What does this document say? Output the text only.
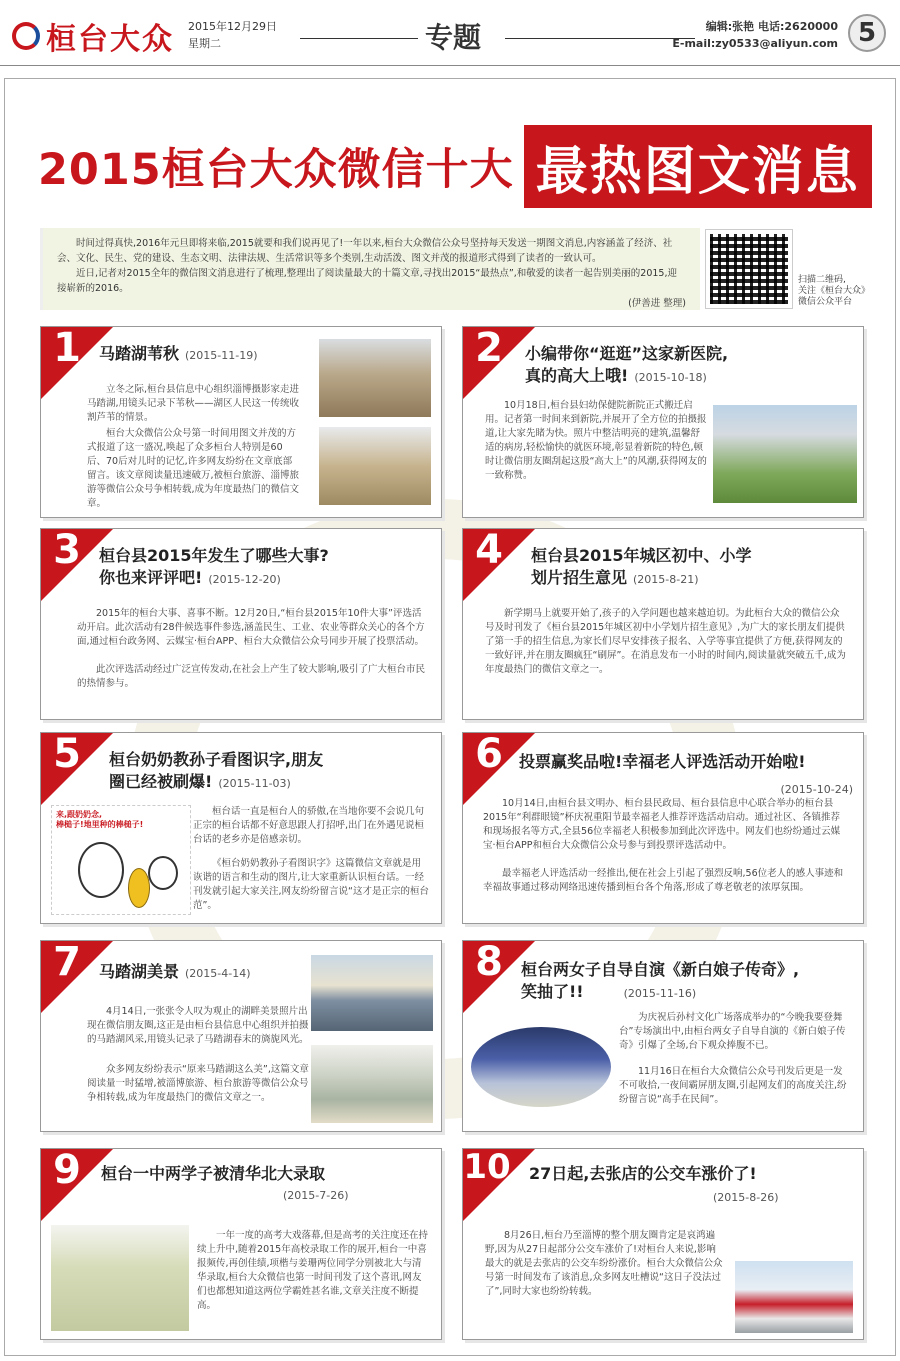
桓台大众 2015年12月29日
星期二	专题	编辑:张艳 电话:2620000
E-mail:zy0533@aliyun.com 5
2015桓台大众微信十大 最热图文消息

时间过得真快,2016年元旦即将来临,2015就要和我们说再见了!一年以来,桓台大众微信公众号坚持每天发送一期图文消息,内容涵盖了经济、社会、文化、民生、党的建设、生态文明、法律法规、生活常识等多个类别,生动活泼、图文并茂的报道形式得到了读者的一致认可。

近日,记者对2015全年的微信图文消息进行了梳理,整理出了阅读量最大的十篇文章,寻找出2015“最热点”,和敬爱的读者一起告别美丽的2015,迎接崭新的2016。

(伊善进 整理)
扫描二维码,
关注《桓台大众》
微信公众平台
1	马踏湖苇秋 (2015-11-19)
立冬之际,桓台县信息中心组织淄博摄影家走进马踏湖,用镜头记录下苇秋——湖区人民这一传统收割芦苇的情景。
桓台大众微信公众号第一时间用图文并茂的方式报道了这一盛况,唤起了众多桓台人特别是60后、70后对儿时的记忆,许多网友纷纷在文章底部留言。该文章阅读量迅速破万,被桓台旅游、淄博旅游等微信公众号争相转载,成为年度最热门的微信文章。
2	小编带你“逛逛”这家新医院,
真的高大上哦! (2015-10-18)
10月18日,桓台县妇幼保健院新院正式搬迁启用。记者第一时间来到新院,并展开了全方位的拍摄报道,让大家先睹为快。照片中整洁明亮的建筑,温馨舒适的病房,轻松愉快的就医环境,彰显着新院的特色,顿时让微信朋友圈刮起这股“高大上”的风潮,获得网友的一致称赞。
3	桓台县2015年发生了哪些大事?
你也来评评吧! (2015-12-20)
2015年的桓台大事、喜事不断。12月20日,“桓台县2015年10件大事”评选活动开启。此次活动有28件候选事件参选,涵盖民生、工业、农业等群众关心的各个方面,通过桓台政务网、云媒宝·桓台APP、桓台大众微信公众号同步开展了投票活动。
此次评选活动经过广泛宣传发动,在社会上产生了较大影响,吸引了广大桓台市民的热情参与。
4	桓台县2015年城区初中、小学
划片招生意见 (2015-8-21)
新学期马上就要开始了,孩子的入学问题也越来越迫切。为此桓台大众的微信公众号及时刊发了《桓台县2015年城区初中小学划片招生意见》,为广大的家长朋友们提供了第一手的招生信息,为家长们尽早安排孩子报名、入学等事宜提供了方便,获得网友的一致好评,并在朋友圈疯狂“刷屏”。在消息发布一小时的时间内,阅读量就突破五千,成为年度最热门的微信文章之一。
5	桓台奶奶教孙子看图识字,朋友
圈已经被刷爆! (2015-11-03)
来,跟奶奶念,
棒槌子!地里种的棒槌子!
桓台话一直是桓台人的骄傲,在当地你要不会说几句正宗的桓台话都不好意思跟人打招呼,出门在外遇见说桓台话的老乡亦是倍感亲切。
《桓台奶奶教孙子看图识字》这篇微信文章就是用诙谐的语言和生动的图片,让大家重新认识桓台话。一经刊发就引起大家关注,网友纷纷留言说“这才是正宗的桓台范”。
6	投票赢奖品啦!幸福老人评选活动开始啦!
(2015-10-24)
10月14日,由桓台县文明办、桓台县民政局、桓台县信息中心联合举办的桓台县2015年“利群眼镜”杯庆祝重阳节最幸福老人推荐评选活动启动。通过社区、各镇推荐和现场报名等方式,全县56位幸福老人积极参加到此次评选中。网友们也纷纷通过云媒宝·桓台APP和桓台大众微信公众号参与到投票评选活动中。
最幸福老人评选活动一经推出,便在社会上引起了强烈反响,56位老人的感人事迹和幸福故事通过移动网络迅速传播到桓台各个角落,形成了尊老敬老的浓厚氛围。
7	马踏湖美景 (2015-4-14)
4月14日,一张张令人叹为观止的湖畔美景照片出现在微信朋友圈,这正是由桓台县信息中心组织并拍摄的马踏湖风采,用镜头记录了马踏湖春末的旖旎风光。
众多网友纷纷表示“原来马踏湖这么美”,这篇文章阅读量一时猛增,被淄博旅游、桓台旅游等微信公众号争相转载,成为年度最热门的微信文章之一。
8	桓台两女子自导自演《新白娘子传奇》,
笑抽了!!	(2015-11-16)
为庆祝后孙村文化广场落成举办的“今晚我要登舞台”专场演出中,由桓台两女子自导自演的《新白娘子传奇》引爆了全场,台下观众捧腹不已。
11月16日在桓台大众微信公众号刊发后更是一发不可收拾,一夜间霸屏朋友圈,引起网友们的高度关注,纷纷留言说“高手在民间”。
9	桓台一中两学子被清华北大录取
(2015-7-26)
一年一度的高考大戏落幕,但是高考的关注度还在持续上升中,随着2015年高校录取工作的展开,桓台一中喜报频传,再创佳绩,项楷与姜珊两位同学分别被北大与清华录取,桓台大众微信也第一时间刊发了这个喜讯,网友们也都想知道这两位学霸姓甚名谁,文章关注度不断提高。
10 27日起,去张店的公交车涨价了!
(2015-8-26)
8月26日,桓台乃至淄博的整个朋友圈肯定是哀鸿遍野,因为从27日起部分公交车涨价了!对桓台人来说,影响最大的就是去张店的公交车纷纷涨价。桓台大众微信公众号第一时间发布了该消息,众多网友吐槽说“这日子没法过了”,同时大家也纷纷转载。
